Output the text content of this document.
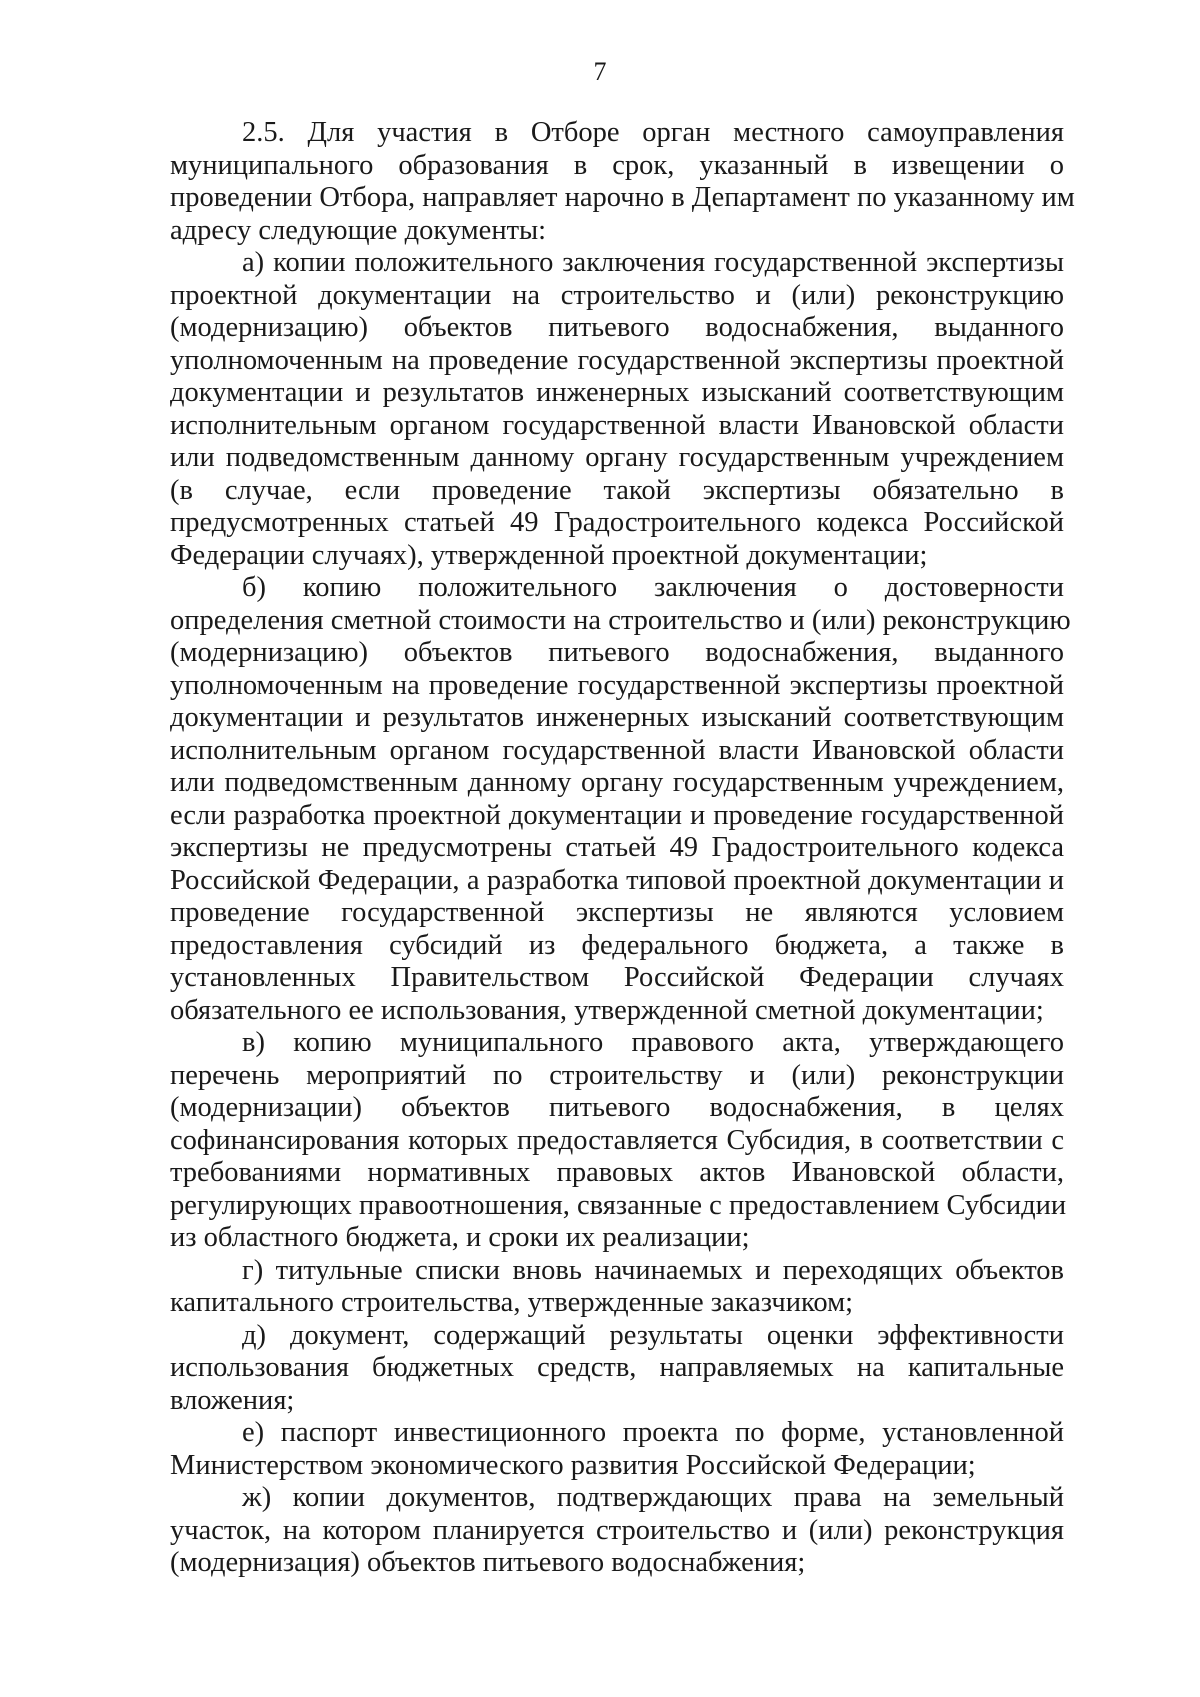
7
2.5. Для участия в Отборе орган местного самоуправления
муниципального образования в срок, указанный в извещении о
проведении Отбора, направляет нарочно в Департамент по указанному им
адресу следующие документы:
а) копии положительного заключения государственной экспертизы
проектной документации на строительство и (или) реконструкцию
(модернизацию) объектов питьевого водоснабжения, выданного
уполномоченным на проведение государственной экспертизы проектной
документации и результатов инженерных изысканий соответствующим
исполнительным органом государственной власти Ивановской области
или подведомственным данному органу государственным учреждением
(в случае, если проведение такой экспертизы обязательно в
предусмотренных статьей 49 Градостроительного кодекса Российской
Федерации случаях), утвержденной проектной документации;
б) копию положительного заключения о достоверности
определения сметной стоимости на строительство и (или) реконструкцию
(модернизацию) объектов питьевого водоснабжения, выданного
уполномоченным на проведение государственной экспертизы проектной
документации и результатов инженерных изысканий соответствующим
исполнительным органом государственной власти Ивановской области
или подведомственным данному органу государственным учреждением,
если разработка проектной документации и проведение государственной
экспертизы не предусмотрены статьей 49 Градостроительного кодекса
Российской Федерации, а разработка типовой проектной документации и
проведение государственной экспертизы не являются условием
предоставления субсидий из федерального бюджета, а также в
установленных Правительством Российской Федерации случаях
обязательного ее использования, утвержденной сметной документации;
в) копию муниципального правового акта, утверждающего
перечень мероприятий по строительству и (или) реконструкции
(модернизации) объектов питьевого водоснабжения, в целях
софинансирования которых предоставляется Субсидия, в соответствии с
требованиями нормативных правовых актов Ивановской области,
регулирующих правоотношения, связанные с предоставлением Субсидии
из областного бюджета, и сроки их реализации;
г) титульные списки вновь начинаемых и переходящих объектов
капитального строительства, утвержденные заказчиком;
д) документ, содержащий результаты оценки эффективности
использования бюджетных средств, направляемых на капитальные
вложения;
е) паспорт инвестиционного проекта по форме, установленной
Министерством экономического развития Российской Федерации;
ж) копии документов, подтверждающих права на земельный
участок, на котором планируется строительство и (или) реконструкция
(модернизация) объектов питьевого водоснабжения;
